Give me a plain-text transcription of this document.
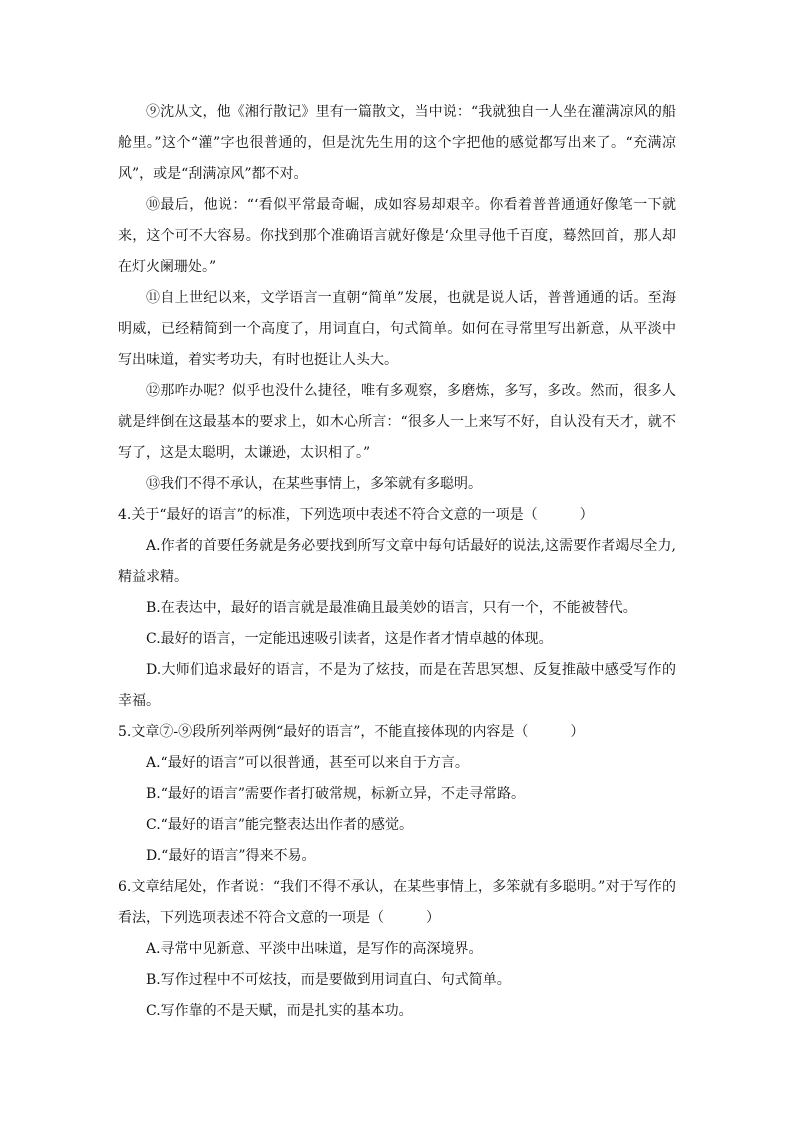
⑨沈从文，他《湘行散记》里有一篇散文，当中说：“我就独自一人坐在灌满凉风的船舱里。”这个“灌”字也很普通的，但是沈先生用的这个字把他的感觉都写出来了。“充满凉风”，或是“刮满凉风”都不对。

⑩最后，他说：“‘看似平常最奇崛，成如容易却艰辛。你看着普普通通好像笔一下就来，这个可不大容易。你找到那个准确语言就好像是‘众里寻他千百度，蓦然回首，那人却在灯火阑珊处。”

⑪自上世纪以来，文学语言一直朝“简单”发展，也就是说人话，普普通通的话。至海明威，已经精简到一个高度了，用词直白，句式简单。如何在寻常里写出新意，从平淡中写出味道，着实考功夫，有时也挺让人头大。

⑫那咋办呢？似乎也没什么捷径，唯有多观察，多磨炼，多写，多改。然而，很多人就是绊倒在这最基本的要求上，如木心所言：“很多人一上来写不好，自认没有天才，就不写了，这是太聪明，太谦逊，太识相了。”

⑬我们不得不承认，在某些事情上，多笨就有多聪明。

4.关于“最好的语言”的标准，下列选项中表述不符合文意的一项是（　　　）

A.作者的首要任务就是务必要找到所写文章中每句话最好的说法,这需要作者竭尽全力,精益求精。

B.在表达中，最好的语言就是最准确且最美妙的语言，只有一个，不能被替代。

C.最好的语言，一定能迅速吸引读者，这是作者才情卓越的体现。

D.大师们追求最好的语言，不是为了炫技，而是在苦思冥想、反复推敲中感受写作的幸福。

5.文章⑦-⑨段所列举两例“最好的语言”，不能直接体现的内容是（　　　）

A.“最好的语言”可以很普通，甚至可以来自于方言。

B.“最好的语言”需要作者打破常规，标新立异，不走寻常路。

C.“最好的语言”能完整表达出作者的感觉。

D.“最好的语言”得来不易。

6.文章结尾处，作者说：“我们不得不承认，在某些事情上，多笨就有多聪明。”对于写作的看法，下列选项表述不符合文意的一项是（　　　）

A.寻常中见新意、平淡中出味道，是写作的高深境界。

B.写作过程中不可炫技，而是要做到用词直白、句式简单。

C.写作靠的不是天赋，而是扎实的基本功。
